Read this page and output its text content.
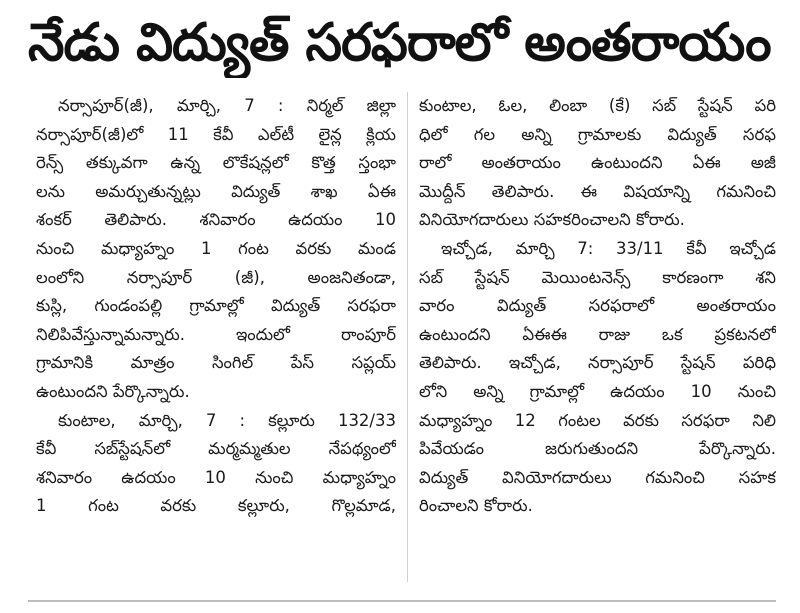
నేడు విద్యుత్ సరఫరాలో అంతరాయం

నర్సాపూర్(జీ), మార్చి, 7 : నిర్మల్ జిల్లా
నర్సాపూర్(జీ)లో 11 కేవీ ఎల్‌టీ లైన్ల క్లియ
రెన్స్ తక్కువగా ఉన్న లొకేషన్లలో కొత్త స్తంభా
లను అమర్చుతున్నట్లు విద్యుత్ శాఖ ఏఈ
శంకర్ తెలిపారు. శనివారం ఉదయం 10
నుంచి మధ్యాహ్నం 1 గంట వరకు మండ
లంలోని నర్సాపూర్ (జీ), అంజనితండా,
కుస్లి, గుండంపల్లి గ్రామాల్లో విద్యుత్ సరఫరా
నిలిపివేస్తున్నామన్నారు. ఇందులో రాంపూర్
గ్రామానికి మాత్రం సింగిల్ పేస్ సప్లయ్
ఉంటుందని పేర్కొన్నారు.

కుంటాల, మార్చి, 7 : కల్లూరు 132/33
కేవీ సబ్‌స్టేషన్‌లో మర్మమ్మతుల నేపథ్యంలో
శనివారం ఉదయం 10 నుంచి మధ్యాహ్నం
1 గంట వరకు కల్లూరు, గొల్లమాడ,

కుంటాల, ఓల, లింబా (కే) సబ్ స్టేషన్ పరి
ధిలో గల అన్ని గ్రామాలకు విద్యుత్ సరఫ
రాలో అంతరాయం ఉంటుందని ఏఈ అజీ
మొద్దీన్ తెలిపారు. ఈ విషయాన్ని గమనించి
వినియోగదారులు సహకరించాలని కోరారు.

ఇచ్చోడ, మార్చి 7: 33/11 కేవీ ఇచ్చోడ
సబ్ స్టేషన్ మెయింటనెన్స్ కారణంగా శని
వారం విద్యుత్ సరఫరాలో అంతరాయం
ఉంటుందని ఏఈఈ రాజు ఒక ప్రకటనలో
తెలిపారు. ఇచ్చోడ, నర్సాపూర్ స్టేషన్ పరిధి
లోని అన్ని గ్రామాల్లో ఉదయం 10 నుంచి
మధ్యాహ్నం 12 గంటల వరకు సరఫరా నిలి
పివేయడం జరుగుతుందని పేర్కొన్నారు.
విద్యుత్ వినియోగదారులు గమనించి సహక
రించాలని కోరారు.
